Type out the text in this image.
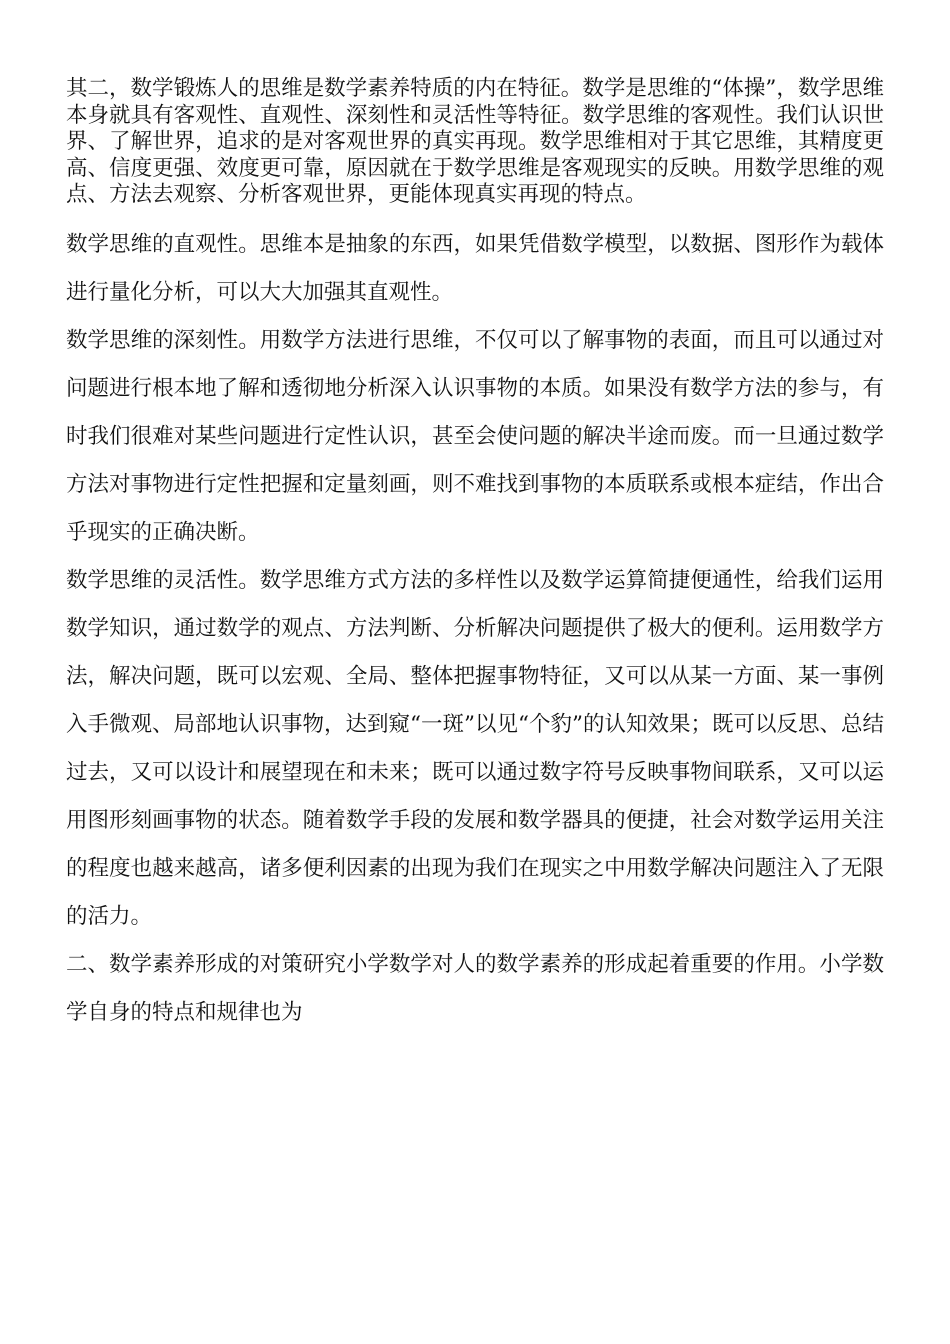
其二，数学锻炼人的思维是数学素养特质的内在特征。数学是思维的“体操”，数学思维本身就具有客观性、直观性、深刻性和灵活性等特征。数学思维的客观性。我们认识世界、了解世界，追求的是对客观世界的真实再现。数学思维相对于其它思维，其精度更高、信度更强、效度更可靠，原因就在于数学思维是客观现实的反映。用数学思维的观点、方法去观察、分析客观世界，更能体现真实再现的特点。

数学思维的直观性。思维本是抽象的东西，如果凭借数学模型，以数据、图形作为载体进行量化分析，可以大大加强其直观性。

数学思维的深刻性。用数学方法进行思维，不仅可以了解事物的表面，而且可以通过对问题进行根本地了解和透彻地分析深入认识事物的本质。如果没有数学方法的参与，有时我们很难对某些问题进行定性认识，甚至会使问题的解决半途而废。而一旦通过数学方法对事物进行定性把握和定量刻画，则不难找到事物的本质联系或根本症结，作出合乎现实的正确决断。

数学思维的灵活性。数学思维方式方法的多样性以及数学运算简捷便通性，给我们运用数学知识，通过数学的观点、方法判断、分析解决问题提供了极大的便利。运用数学方法，解决问题，既可以宏观、全局、整体把握事物特征，又可以从某一方面、某一事例入手微观、局部地认识事物，达到窥“一斑”以见“个豹”的认知效果；既可以反思、总结过去，又可以设计和展望现在和未来；既可以通过数字符号反映事物间联系，又可以运用图形刻画事物的状态。随着数学手段的发展和数学器具的便捷，社会对数学运用关注的程度也越来越高，诸多便利因素的出现为我们在现实之中用数学解决问题注入了无限的活力。

二、数学素养形成的对策研究小学数学对人的数学素养的形成起着重要的作用。小学数学自身的特点和规律也为
